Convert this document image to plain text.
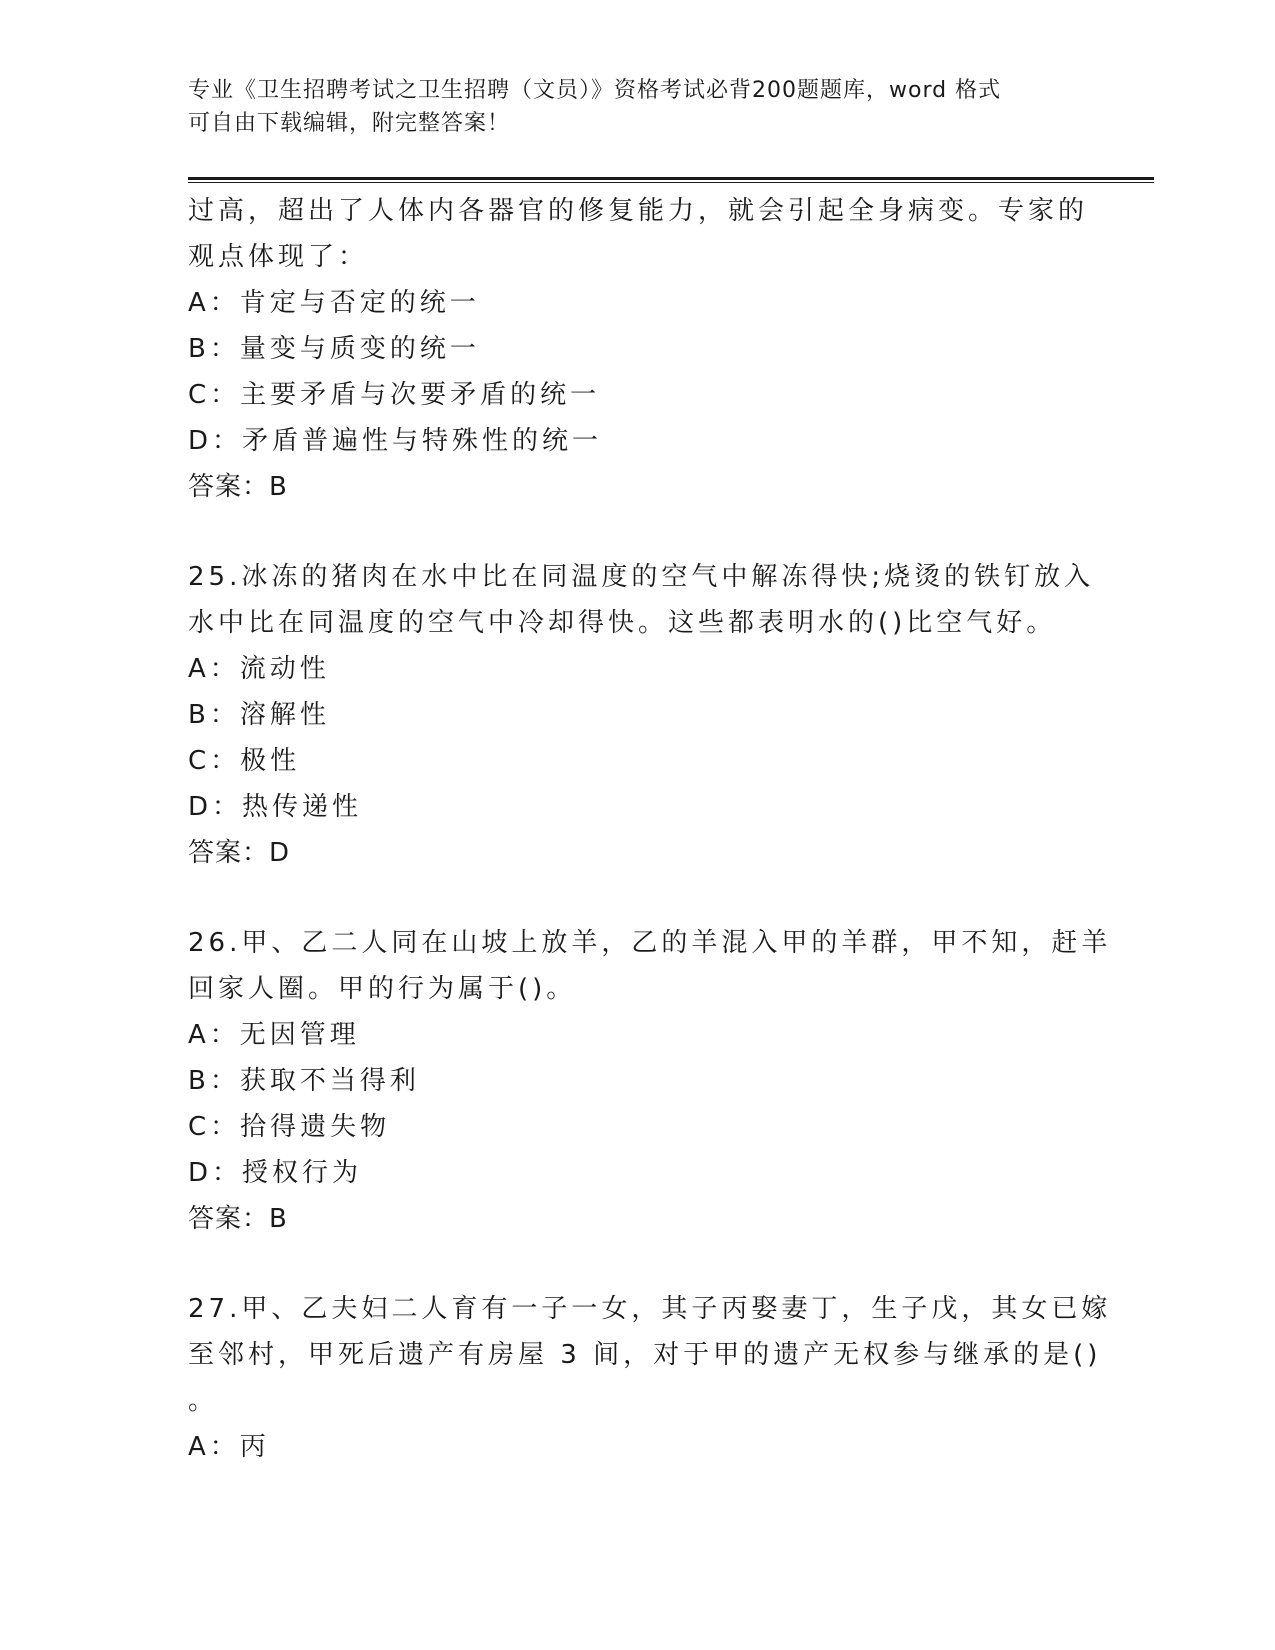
专业《卫生招聘考试之卫生招聘（文员）》资格考试必背200题题库，word 格式
可自由下载编辑，附完整答案！
过高，超出了人体内各器官的修复能力，就会引起全身病变。专家的
观点体现了：
A：肯定与否定的统一
B：量变与质变的统一
C：主要矛盾与次要矛盾的统一
D：矛盾普遍性与特殊性的统一
答案：B
25.冰冻的猪肉在水中比在同温度的空气中解冻得快;烧烫的铁钉放入
水中比在同温度的空气中冷却得快。这些都表明水的()比空气好。
A：流动性
B：溶解性
C：极性
D：热传递性
答案：D
26.甲、乙二人同在山坡上放羊，乙的羊混入甲的羊群，甲不知，赶羊
回家人圈。甲的行为属于()。
A：无因管理
B：获取不当得利
C：拾得遗失物
D：授权行为
答案：B
27.甲、乙夫妇二人育有一子一女，其子丙娶妻丁，生子戊，其女已嫁
至邻村，甲死后遗产有房屋 3 间，对于甲的遗产无权参与继承的是()
。
A：丙
